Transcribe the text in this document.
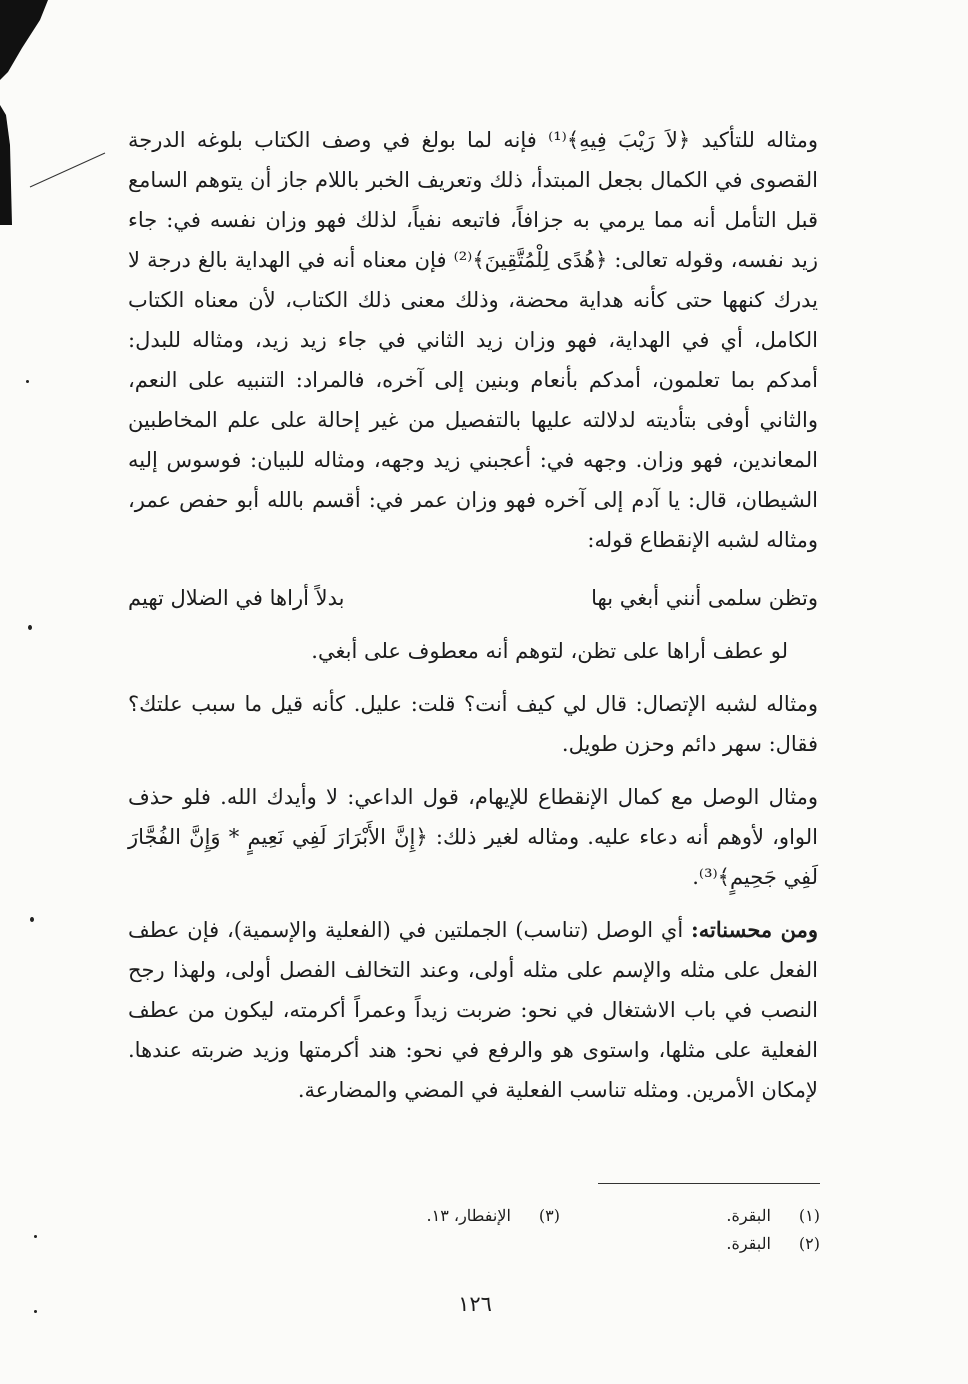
ومثاله للتأكيد ﴿لاَ رَيْبَ فِيهِ﴾⁽¹⁾ فإنه لما بولغ في وصف الكتاب بلوغه الدرجة القصوى في الكمال بجعل المبتدأ، ذلك وتعريف الخبر باللام جاز أن يتوهم السامع قبل التأمل أنه مما يرمي به جزافاً، فاتبعه نفياً، لذلك فهو وزان نفسه في: جاء زيد نفسه، وقوله تعالى: ﴿هُدًى لِلْمُتَّقِينَ﴾⁽²⁾ فإن معناه أنه في الهداية بالغ درجة لا يدرك كنهها حتى كأنه هداية محضة، وذلك معنى ذلك الكتاب، لأن معناه الكتاب الكامل، أي في الهداية، فهو وزان زيد الثاني في جاء زيد زيد، ومثاله للبدل: أمدكم بما تعلمون، أمدكم بأنعام وبنين إلى آخره، فالمراد: التنبيه على النعم، والثاني أوفى بتأديته لدلالته عليها بالتفصيل من غير إحالة على علم المخاطبين المعاندين، فهو وزان. وجهه في: أعجبني زيد وجهه، ومثاله للبيان: فوسوس إليه الشيطان، قال: يا آدم إلى آخره فهو وزان عمر في: أقسم بالله أبو حفص عمر، ومثاله لشبه الإنقطاع قوله:

وتظن سلمى أنني أبغي بها
بدلاً أراها في الضلال تهيم

لو عطف أراها على تظن، لتوهم أنه معطوف على أبغي.

ومثاله لشبه الإتصال: قال لي كيف أنت؟ قلت: عليل. كأنه قيل ما سبب علتك؟ فقال: سهر دائم وحزن طويل.

ومثال الوصل مع كمال الإنقطاع للإيهام، قول الداعي: لا وأيدك الله. فلو حذف الواو، لأوهم أنه دعاء عليه. ومثاله لغير ذلك: ﴿إِنَّ الأَبْرَارَ لَفِي نَعِيمٍ * وَإِنَّ الفُجَّارَ لَفِي جَحِيمٍ﴾⁽³⁾.

ومن محسناته: أي الوصل (تناسب) الجملتين في (الفعلية والإسمية)، فإن عطف الفعل على مثله والإسم على مثله أولى، وعند التخالف الفصل أولى، ولهذا رجح النصب في باب الاشتغال في نحو: ضربت زيداً وعمراً أكرمته، ليكون من عطف الفعلية على مثلها، واستوى هو والرفع في نحو: هند أكرمتها وزيد ضربته عندها. لإمكان الأمرين. ومثله تناسب الفعلية في المضي والمضارعة.

(١) البقرة.
(٣) الإنفطار، ١٣.
(٢) البقرة.
١٢٦
